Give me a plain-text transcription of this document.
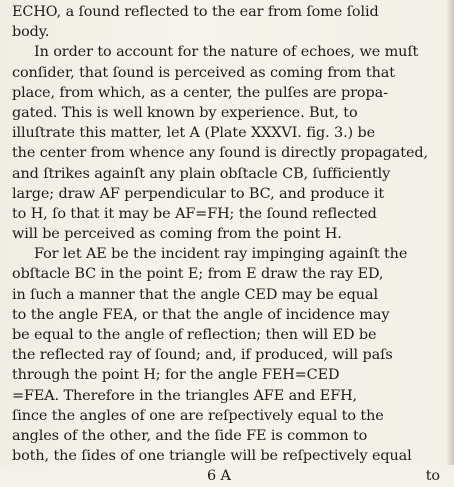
ECHO, a ſound reflected to the ear from ſome ſolid
body.
In order to account for the nature of echoes, we muſt
conſider, that ſound is perceived as coming from that
place, from which, as a center, the pulſes are propa-
gated. This is well known by experience. But, to
illuſtrate this matter, let A (Plate XXXVI. fig. 3.) be
the center from whence any ſound is directly propagated,
and ſtrikes againſt any plain obſtacle CB, ſufficiently
large; draw AF perpendicular to BC, and produce it
to H, ſo that it may be AF=FH; the ſound reflected
will be perceived as coming from the point H.
For let AE be the incident ray impinging againſt the
obſtacle BC in the point E; from E draw the ray ED,
in ſuch a manner that the angle CED may be equal
to the angle FEA, or that the angle of incidence may
be equal to the angle of reflection; then will ED be
the reflected ray of ſound; and, if produced, will paſs
through the point H; for the angle FEH=CED
=FEA. Therefore in the triangles AFE and EFH,
ſince the angles of one are reſpectively equal to the
angles of the other, and the ſide FE is common to
both, the ſides of one triangle will be reſpectively equal
6 A	to
